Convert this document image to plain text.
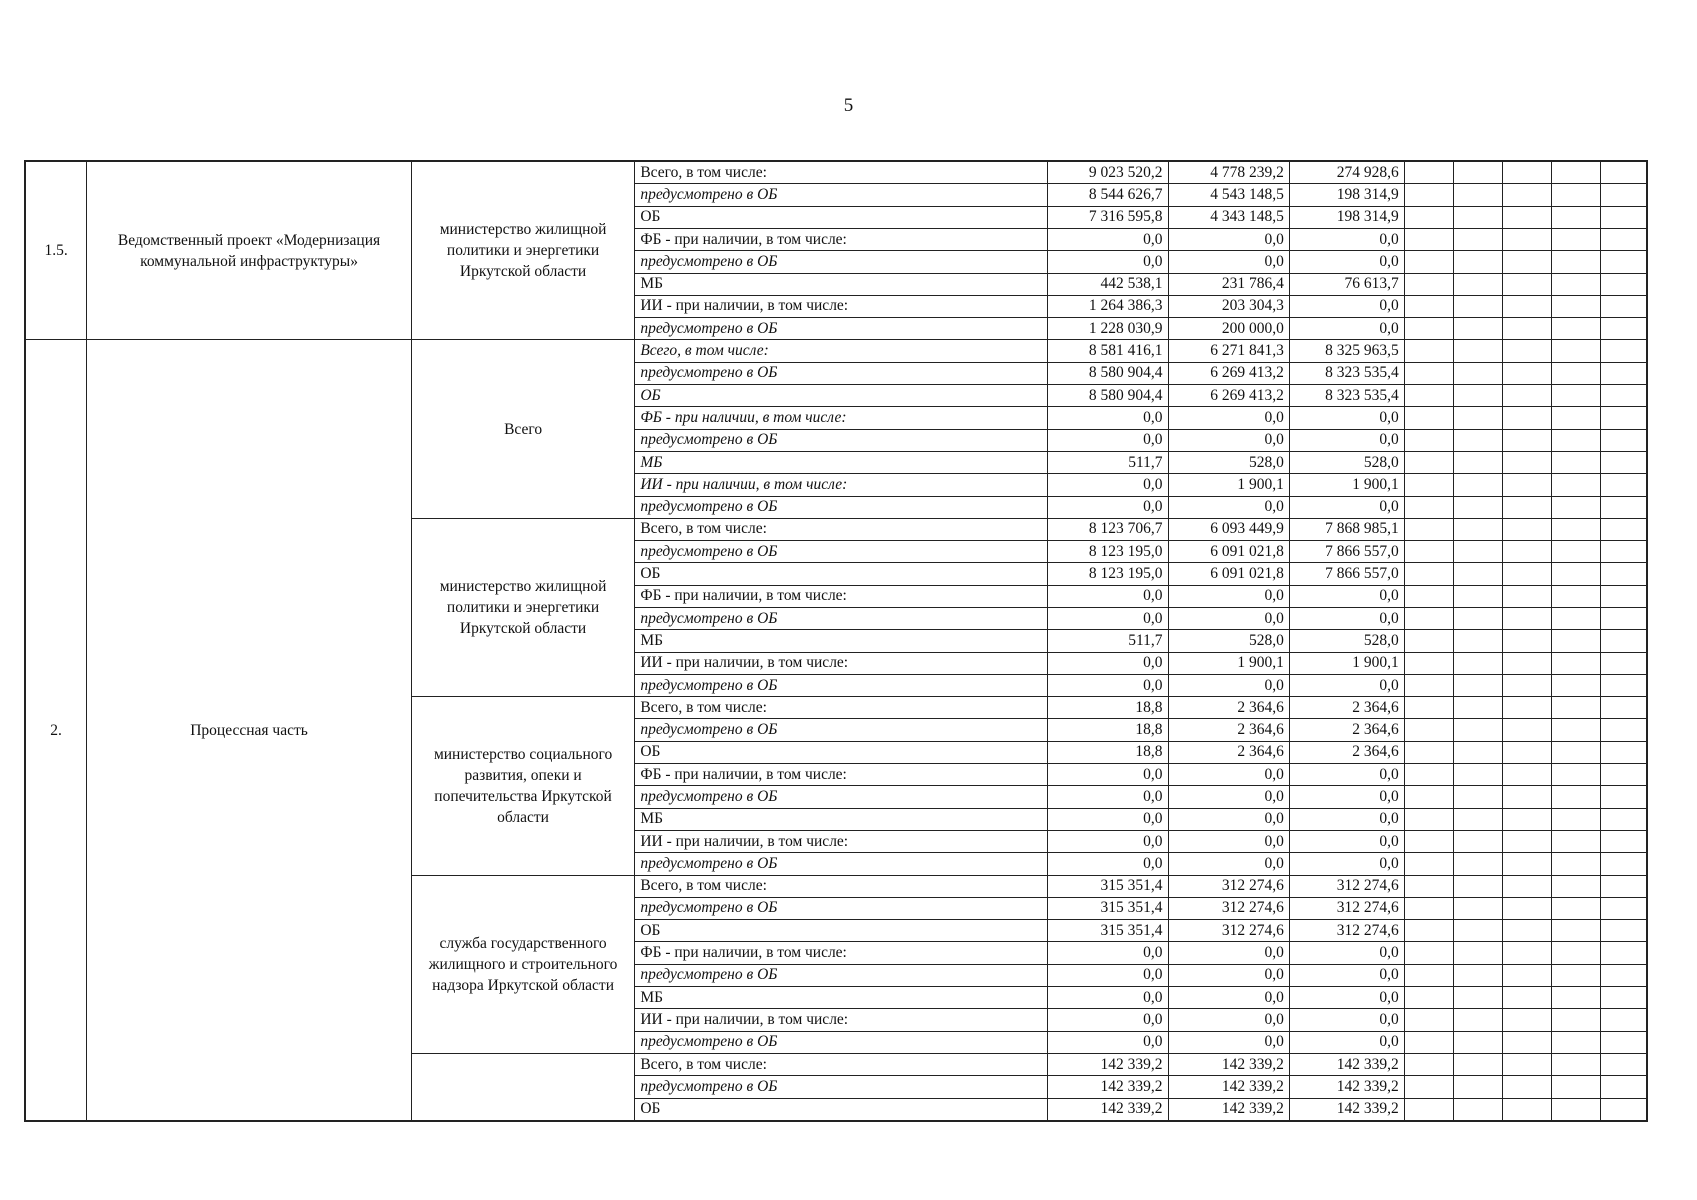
5
1.5.	Ведомственный проект «Модернизация коммунальной инфраструктуры»	министерство жилищной политики и энергетики Иркутской области	Всего, в том числе:	9 023 520,2	4 778 239,2	274 928,6					
			предусмотрено в ОБ	8 544 626,7	4 543 148,5	198 314,9					
			ОБ	7 316 595,8	4 343 148,5	198 314,9					
			ФБ - при наличии, в том числе:	0,0	0,0	0,0					
			предусмотрено в ОБ	0,0	0,0	0,0					
			МБ	442 538,1	231 786,4	76 613,7					
			ИИ - при наличии, в том числе:	1 264 386,3	203 304,3	0,0					
			предусмотрено в ОБ	1 228 030,9	200 000,0	0,0					
2.	Процессная часть	Всего	Всего, в том числе:	8 581 416,1	6 271 841,3	8 325 963,5					
			предусмотрено в ОБ	8 580 904,4	6 269 413,2	8 323 535,4					
			ОБ	8 580 904,4	6 269 413,2	8 323 535,4					
			ФБ - при наличии, в том числе:	0,0	0,0	0,0					
			предусмотрено в ОБ	0,0	0,0	0,0					
			МБ	511,7	528,0	528,0					
			ИИ - при наличии, в том числе:	0,0	1 900,1	1 900,1					
			предусмотрено в ОБ	0,0	0,0	0,0					
		министерство жилищной политики и энергетики Иркутской области	Всего, в том числе:	8 123 706,7	6 093 449,9	7 868 985,1					
			предусмотрено в ОБ	8 123 195,0	6 091 021,8	7 866 557,0					
			ОБ	8 123 195,0	6 091 021,8	7 866 557,0					
			ФБ - при наличии, в том числе:	0,0	0,0	0,0					
			предусмотрено в ОБ	0,0	0,0	0,0					
			МБ	511,7	528,0	528,0					
			ИИ - при наличии, в том числе:	0,0	1 900,1	1 900,1					
			предусмотрено в ОБ	0,0	0,0	0,0					
		министерство социального развития, опеки и попечительства Иркутской области	Всего, в том числе:	18,8	2 364,6	2 364,6					
			предусмотрено в ОБ	18,8	2 364,6	2 364,6					
			ОБ	18,8	2 364,6	2 364,6					
			ФБ - при наличии, в том числе:	0,0	0,0	0,0					
			предусмотрено в ОБ	0,0	0,0	0,0					
			МБ	0,0	0,0	0,0					
			ИИ - при наличии, в том числе:	0,0	0,0	0,0					
			предусмотрено в ОБ	0,0	0,0	0,0					
		служба государственного жилищного и строительного надзора Иркутской области	Всего, в том числе:	315 351,4	312 274,6	312 274,6					
			предусмотрено в ОБ	315 351,4	312 274,6	312 274,6					
			ОБ	315 351,4	312 274,6	312 274,6					
			ФБ - при наличии, в том числе:	0,0	0,0	0,0					
			предусмотрено в ОБ	0,0	0,0	0,0					
			МБ	0,0	0,0	0,0					
			ИИ - при наличии, в том числе:	0,0	0,0	0,0					
			предусмотрено в ОБ	0,0	0,0	0,0					
			Всего, в том числе:	142 339,2	142 339,2	142 339,2					
			предусмотрено в ОБ	142 339,2	142 339,2	142 339,2					
			ОБ	142 339,2	142 339,2	142 339,2					
